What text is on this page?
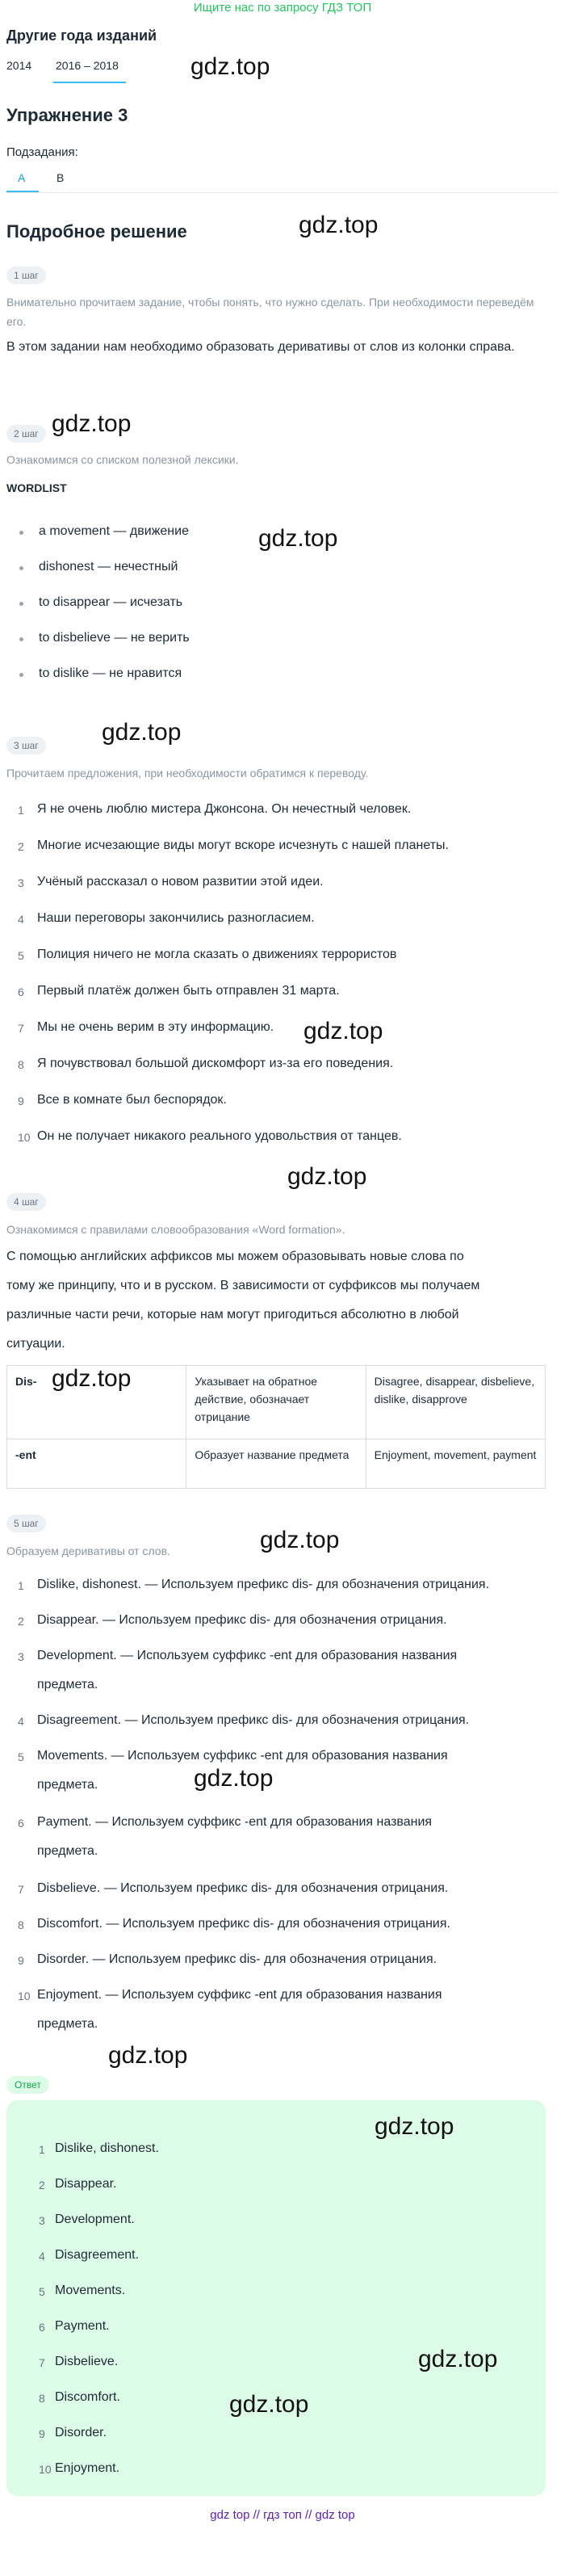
Ищите нас по запросу ГДЗ ТОП
Другие года изданий
2014 2016 – 2018	gdz.top
Упражнение 3
Подзадания:
A	B
Подробное решение	gdz.top
1 шаг
Внимательно прочитаем задание, чтобы понять, что нужно сделать. При необходимости переведём его.
В этом задании нам необходимо образовать деривативы от слов из колонки справа.
2 шаг gdz.top
Ознакомимся со списком полезной лексики.
WORDLIST
gdz.top
a movement — движение
dishonest — нечестный
to disappear — исчезать
to disbelieve — не верить
to dislike — не нравится
3 шаг	gdz.top
Прочитаем предложения, при необходимости обратимся к переводу.
1	Я не очень люблю мистера Джонсона. Он нечестный человек.
2	Многие исчезающие виды могут вскоре исчезнуть с нашей планеты.
3	Учёный рассказал о новом развитии этой идеи.
4	Наши переговоры закончились разногласием.
5	Полиция ничего не могла сказать о движениях террористов
6	Первый платёж должен быть отправлен 31 марта.
7	Мы не очень верим в эту информацию. gdz.top
8	Я почувствовал большой дискомфорт из-за его поведения.
9	Все в комнате был беспорядок.
10 Он не получает никакого реального удовольствия от танцев.
gdz.top
4 шаг
Ознакомимся с правилами словообразования «Word formation».
С помощью английских аффиксов мы можем образовывать новые слова по
тому же принципу, что и в русском. В зависимости от суффиксов мы получаем
различные части речи, которые нам могут пригодиться абсолютно в любой
ситуации.
Dis-	Указывает на обратное действие, обозначает отрицание	Disagree, disappear, disbelieve, dislike, disapprove
-ent	Образует название предмета	Enjoyment, movement, payment
gdz.top
5 шаг
gdz.top
Образуем деривативы от слов.
1	Dislike, dishonest. — Используем префикс dis- для обозначения отрицания.
2	Disappear. — Используем префикс dis- для обозначения отрицания.
3	Development. — Используем суффикс -ent для образования названия
предмета.
4	Disagreement. — Используем префикс dis- для обозначения отрицания.
5	Movements. — Используем суффикс -ent для образования названия
предмета.	gdz.top
6	Payment. — Используем суффикс -ent для образования названия
предмета.
7	Disbelieve. — Используем префикс dis- для обозначения отрицания.
8	Discomfort. — Используем префикс dis- для обозначения отрицания.
9	Disorder. — Используем префикс dis- для обозначения отрицания.
10 Enjoyment. — Используем суффикс -ent для образования названия
предмета.
gdz.top
Ответ
gdz.top
gdz.top
gdz.top
1 Dislike, dishonest.
2 Disappear.
3 Development.
4 Disagreement.
5 Movements.
6 Payment.
7 Disbelieve.
8 Discomfort.
9 Disorder.
10 Enjoyment.
gdz top // гдз топ // gdz top
